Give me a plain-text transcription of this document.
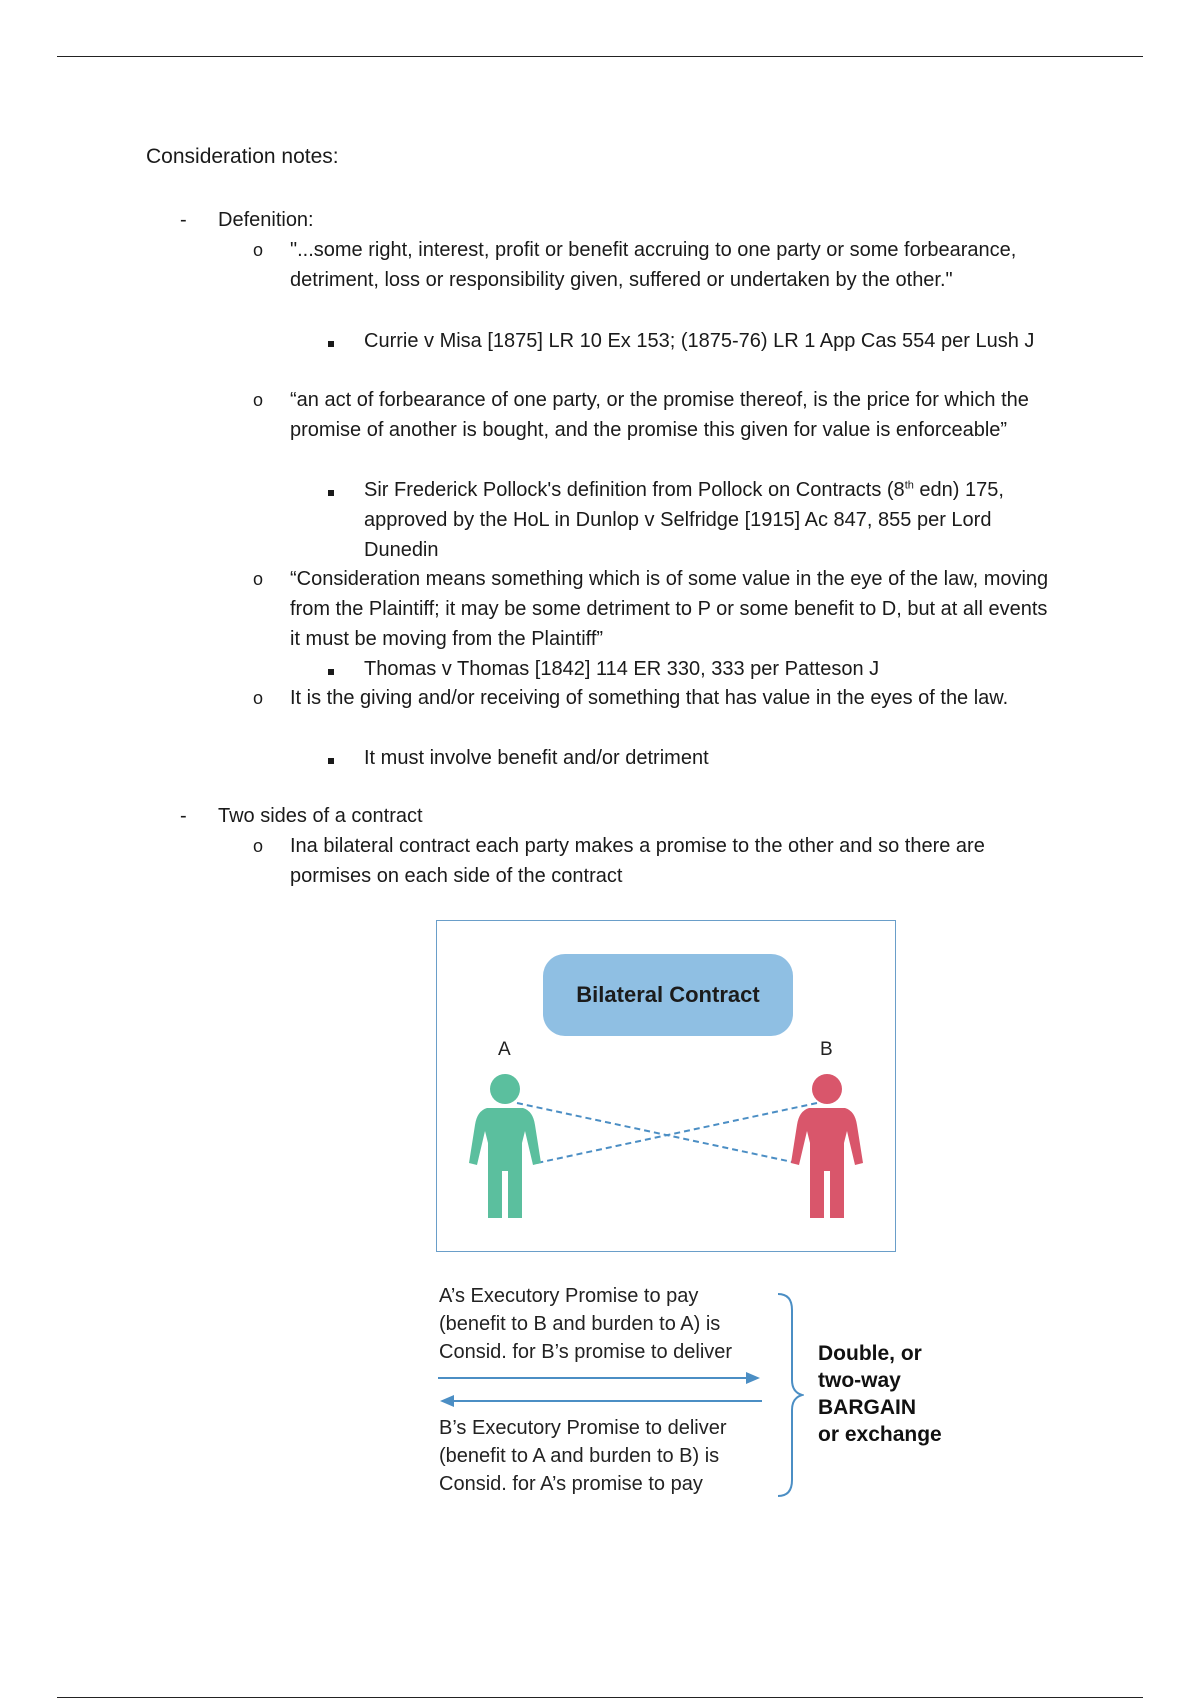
Consideration notes:
- Defenition:
o "...some right, interest, profit or benefit accruing to one party or some forbearance, detriment, loss or responsibility given, suffered or undertaken by the other."
Currie v Misa [1875] LR 10 Ex 153; (1875-76) LR 1 App Cas 554 per Lush J
o “an act of forbearance of one party, or the promise thereof, is the price for which the promise of another is bought, and the promise this given for value is enforceable”
Sir Frederick Pollock's definition from Pollock on Contracts (8th edn) 175, approved by the HoL in Dunlop v Selfridge [1915] Ac 847, 855 per Lord Dunedin
o “Consideration means something which is of some value in the eye of the law, moving from the Plaintiff; it may be some detriment to P or some benefit to D, but at all events it must be moving from the Plaintiff”
Thomas v Thomas [1842] 114 ER 330, 333 per Patteson J
o It is the giving and/or receiving of something that has value in the eyes of the law.
It must involve benefit and/or detriment
- Two sides of a contract
o Ina bilateral contract each party makes a promise to the other and so there are pormises on each side of the contract
Bilateral Contract
A	B
A’s Executory Promise to pay
(benefit to B and burden to A) is
Consid. for B’s promise to deliver
B’s Executory Promise to deliver
(benefit to A and burden to B) is
Consid. for A’s promise to pay
Double, or
two-way
BARGAIN
or exchange
